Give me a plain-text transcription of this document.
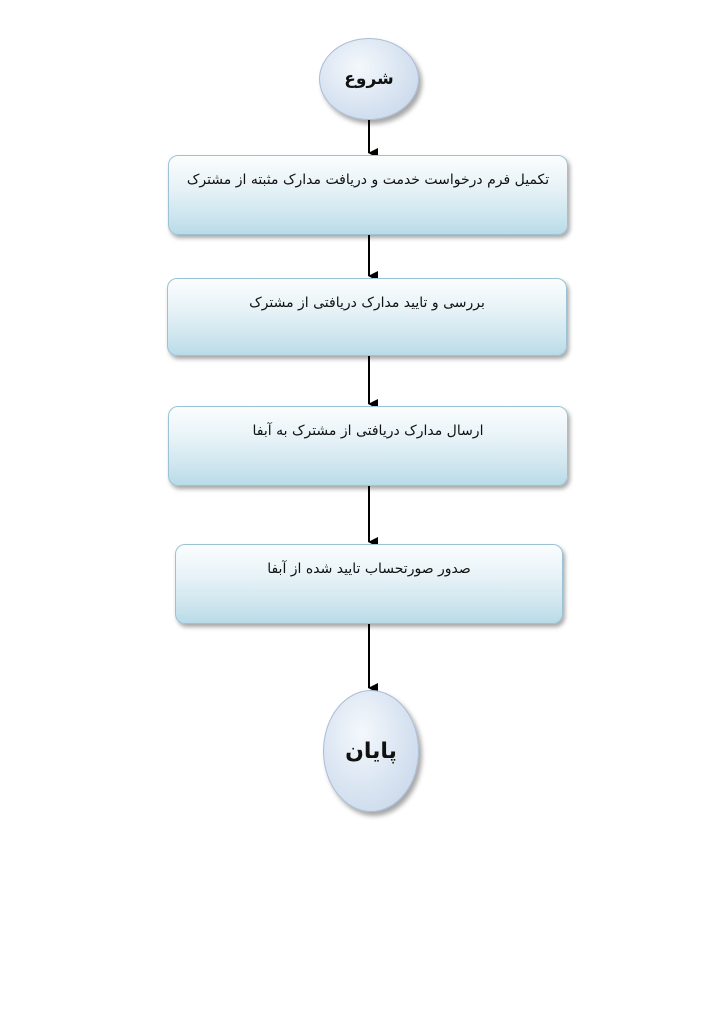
شروع
تکمیل فرم درخواست خدمت و دریافت مدارک مثبته از مشترک
بررسی و تایید مدارک دریافتی از مشترک
ارسال مدارک دریافتی از مشترک به آبفا
صدور صورتحساب تایید شده از آبفا
پایان
